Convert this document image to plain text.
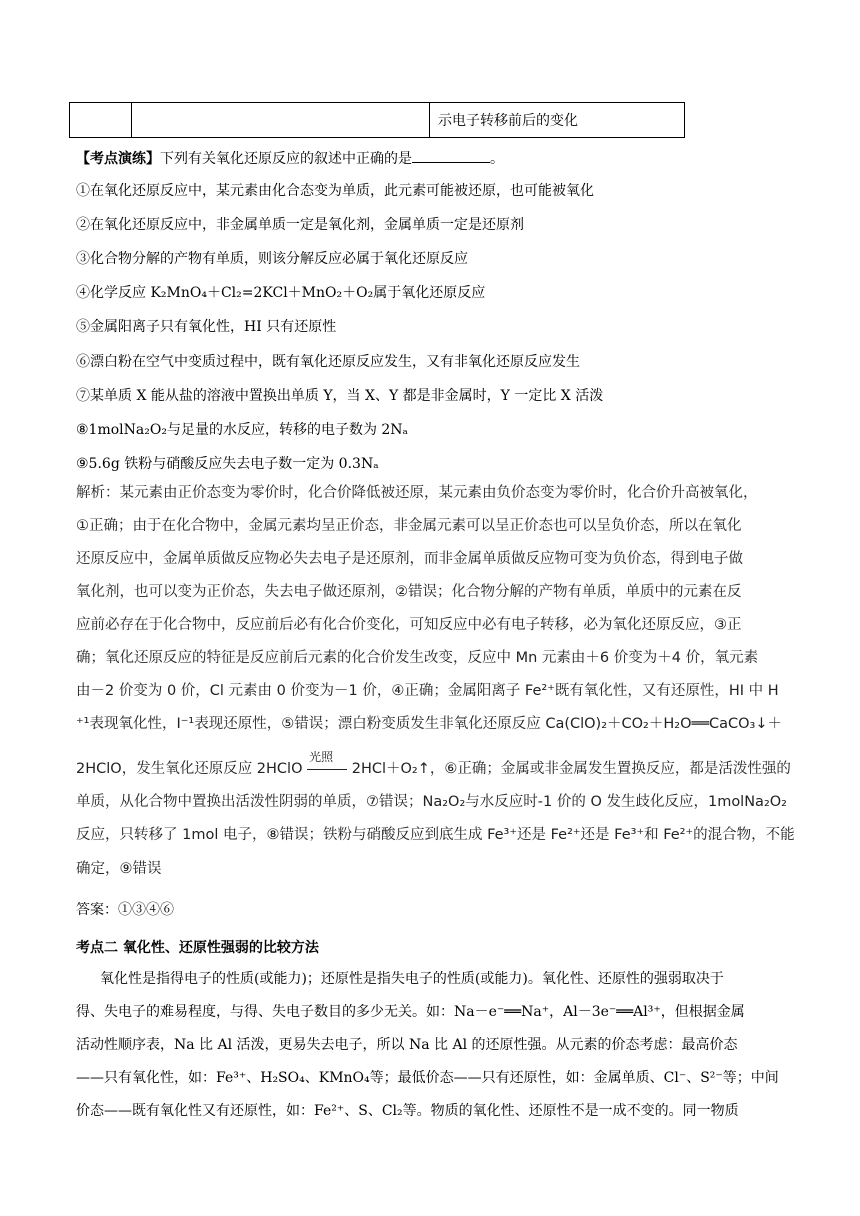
		示电子转移前后的变化
【考点演练】下列有关氧化还原反应的叙述中正确的是	。
①在氧化还原反应中，某元素由化合态变为单质，此元素可能被还原，也可能被氧化
②在氧化还原反应中，非金属单质一定是氧化剂，金属单质一定是还原剂
③化合物分解的产物有单质，则该分解反应必属于氧化还原反应
④化学反应 K₂MnO₄＋Cl₂=2KCl＋MnO₂＋O₂属于氧化还原反应
⑤金属阳离子只有氧化性，HI 只有还原性
⑥漂白粉在空气中变质过程中，既有氧化还原反应发生，又有非氧化还原反应发生
⑦某单质 X 能从盐的溶液中置换出单质 Y，当 X、Y 都是非金属时，Y 一定比 X 活泼
⑧1molNa₂O₂与足量的水反应，转移的电子数为 2Nₐ
⑨5.6g 铁粉与硝酸反应失去电子数一定为 0.3Nₐ
解析：某元素由正价态变为零价时，化合价降低被还原，某元素由负价态变为零价时，化合价升高被氧化，
①正确；由于在化合物中，金属元素均呈正价态，非金属元素可以呈正价态也可以呈负价态，所以在氧化
还原反应中，金属单质做反应物必失去电子是还原剂，而非金属单质做反应物可变为负价态，得到电子做
氧化剂，也可以变为正价态，失去电子做还原剂，②错误；化合物分解的产物有单质，单质中的元素在反
应前必存在于化合物中，反应前后必有化合价变化，可知反应中必有电子转移，必为氧化还原反应，③正
确；氧化还原反应的特征是反应前后元素的化合价发生改变，反应中 Mn 元素由＋6 价变为＋4 价，氧元素
由－2 价变为 0 价，Cl 元素由 0 价变为－1 价，④正确；金属阳离子 Fe²⁺既有氧化性，又有还原性，HI 中 H
⁺¹表现氧化性，I⁻¹表现还原性，⑤错误；漂白粉变质发生非氧化还原反应 Ca(ClO)₂＋CO₂＋H₂O══CaCO₃↓＋
2HClO，发生氧化还原反应 2HClO
光照
2HCl＋O₂↑，⑥正确；金属或非金属发生置换反应，都是活泼性强的
单质，从化合物中置换出活泼性阴弱的单质，⑦错误；Na₂O₂与水反应时-1 价的 O 发生歧化反应，1molNa₂O₂
反应，只转移了 1mol 电子，⑧错误；铁粉与硝酸反应到底生成 Fe³⁺还是 Fe²⁺还是 Fe³⁺和 Fe²⁺的混合物，不能
确定，⑨错误
答案：①③④⑥
考点二 氧化性、还原性强弱的比较方法
氧化性是指得电子的性质(或能力)；还原性是指失电子的性质(或能力)。氧化性、还原性的强弱取决于
得、失电子的难易程度，与得、失电子数目的多少无关。如：Na－e⁻══Na⁺，Al－3e⁻══Al³⁺，但根据金属
活动性顺序表，Na 比 Al 活泼，更易失去电子，所以 Na 比 Al 的还原性强。从元素的价态考虑：最高价态
——只有氧化性，如：Fe³⁺、H₂SO₄、KMnO₄等；最低价态——只有还原性，如：金属单质、Cl⁻、S²⁻等；中间
价态——既有氧化性又有还原性，如：Fe²⁺、S、Cl₂等。物质的氧化性、还原性不是一成不变的。同一物质
